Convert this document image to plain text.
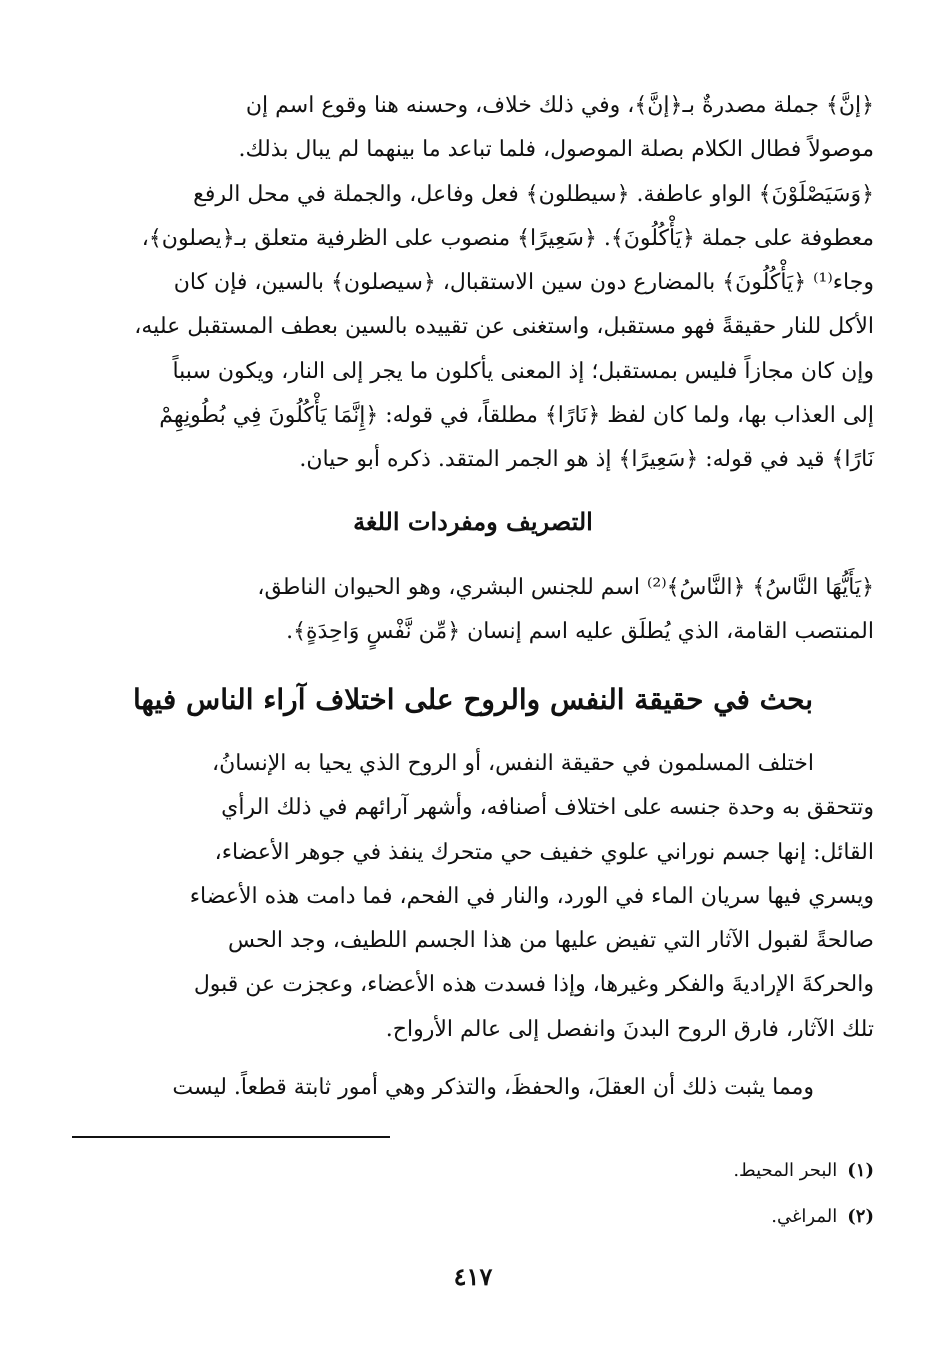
﴿إنَّ﴾ جملة مصدرةٌ بـ﴿إنَّ﴾، وفي ذلك خلاف، وحسنه هنا وقوع اسم إن

موصولاً فطال الكلام بصلة الموصول، فلما تباعد ما بينهما لم يبال بذلك.

﴿وَسَيَصْلَوْنَ﴾ الواو عاطفة. ﴿سيطلون﴾ فعل وفاعل، والجملة في محل الرفع

معطوفة على جملة ﴿يَأْكُلُونَ﴾. ﴿سَعِيرًا﴾ منصوب على الظرفية متعلق بـ﴿يصلون﴾،

وجاء⁽¹⁾ ﴿يَأْكُلُونَ﴾ بالمضارع دون سين الاستقبال، ﴿سيصلون﴾ بالسين، فإن كان

الأكل للنار حقيقةً فهو مستقبل، واستغنى عن تقييده بالسين بعطف المستقبل عليه،

وإن كان مجازاً فليس بمستقبل؛ إذ المعنى يأكلون ما يجر إلى النار، ويكون سبباً

إلى العذاب بها، ولما كان لفظ ﴿نَارًا﴾ مطلقاً، في قوله: ﴿إِنَّمَا يَأْكُلُونَ فِي بُطُونِهِمْ

نَارًا﴾ قيد في قوله: ﴿سَعِيرًا﴾ إذ هو الجمر المتقد. ذكره أبو حيان.

التصريف ومفردات اللغة

﴿يَأَيُّهَا النَّاسُ﴾ ﴿النَّاسُ﴾⁽²⁾ اسم للجنس البشري، وهو الحيوان الناطق،

المنتصب القامة، الذي يُطلَق عليه اسم إنسان ﴿مِّن نَّفْسٍ وَاحِدَةٍ﴾.

بحث في حقيقة النفس والروح على اختلاف آراء الناس فيها

اختلف المسلمون في حقيقة النفس، أو الروح الذي يحيا به الإنسانُ،

وتتحقق به وحدة جنسه على اختلاف أصنافه، وأشهر آرائهم في ذلك الرأي

القائل: إنها جسم نوراني علوي خفيف حي متحرك ينفذ في جوهر الأعضاء،

ويسري فيها سريان الماء في الورد، والنار في الفحم، فما دامت هذه الأعضاء

صالحةً لقبول الآثار التي تفيض عليها من هذا الجسم اللطيف، وجد الحس

والحركةَ الإراديةَ والفكر وغيرها، وإذا فسدت هذه الأعضاء، وعجزت عن قبول

تلك الآثار، فارق الروح البدنَ وانفصل إلى عالم الأرواح.

ومما يثبت ذلك أن العقلَ، والحفظَ، والتذكر وهي أمور ثابتة قطعاً. ليست

(١)البحر المحيط.

(٢)المراغي.

٤١٧
